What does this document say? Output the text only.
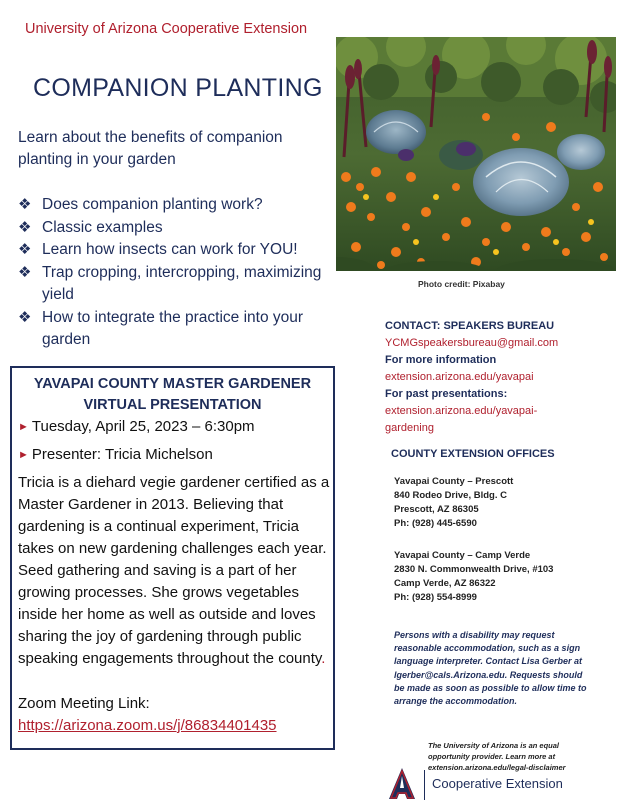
University of Arizona Cooperative Extension
COMPANION PLANTING
Learn about the benefits of companion planting in your garden
❖ Does companion planting work?
❖ Classic examples
❖ Learn how insects can work for YOU!
❖ Trap cropping, intercropping, maximizing yield
❖ How to integrate the practice into your garden
Photo credit: Pixabay
YAVAPAI COUNTY MASTER GARDENER
VIRTUAL PRESENTATION
► Tuesday, April 25, 2023 – 6:30pm
► Presenter: Tricia Michelson
Tricia is a diehard vegie gardener certified as a Master Gardener in 2013. Believing that gardening is a continual experiment, Tricia takes on new gardening challenges each year. Seed gathering and saving is a part of her growing processes. She grows vegetables inside her home as well as outside and loves sharing the joy of gardening through public speaking engagements throughout the county.
Zoom Meeting Link:
https://arizona.zoom.us/j/86834401435
CONTACT: SPEAKERS BUREAU
YCMGspeakersbureau@gmail.com
For more information
extension.arizona.edu/yavapai
For past presentations:
extension.arizona.edu/yavapai-
gardening
COUNTY EXTENSION OFFICES
Yavapai County – Prescott
840 Rodeo Drive, Bldg. C
Prescott, AZ 86305
Ph: (928) 445-6590
Yavapai County – Camp Verde
2830 N. Commonwealth Drive, #103
Camp Verde, AZ 86322
Ph: (928) 554-8999
Persons with a disability may request reasonable accommodation, such as a sign language interpreter. Contact Lisa Gerber at lgerber@cals.Arizona.edu. Requests should be made as soon as possible to allow time to arrange the accommodation.
The University of Arizona is an equal opportunity provider. Learn more at extension.arizona.edu/legal-disclaimer
Cooperative Extension
